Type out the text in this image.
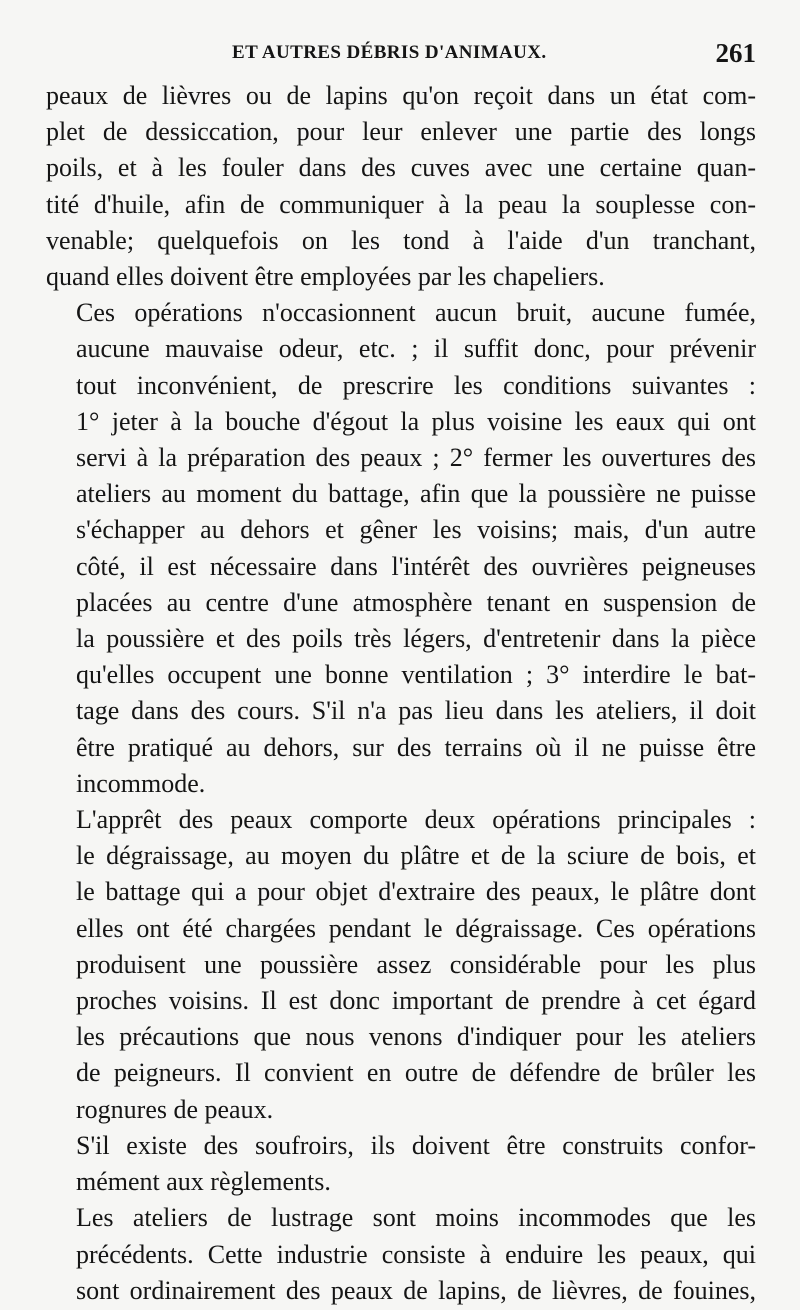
ET AUTRES DÉBRIS D'ANIMAUX.	261

peaux de lièvres ou de lapins qu'on reçoit dans un état com-
plet de dessiccation, pour leur enlever une partie des longs
poils, et à les fouler dans des cuves avec une certaine quan-
tité d'huile, afin de communiquer à la peau la souplesse con-
venable; quelquefois on les tond à l'aide d'un tranchant,
quand elles doivent être employées par les chapeliers.

Ces opérations n'occasionnent aucun bruit, aucune fumée,
aucune mauvaise odeur, etc. ; il suffit donc, pour prévenir
tout inconvénient, de prescrire les conditions suivantes :
1° jeter à la bouche d'égout la plus voisine les eaux qui ont
servi à la préparation des peaux ; 2° fermer les ouvertures des
ateliers au moment du battage, afin que la poussière ne puisse
s'échapper au dehors et gêner les voisins; mais, d'un autre
côté, il est nécessaire dans l'intérêt des ouvrières peigneuses
placées au centre d'une atmosphère tenant en suspension de
la poussière et des poils très légers, d'entretenir dans la pièce
qu'elles occupent une bonne ventilation ; 3° interdire le bat-
tage dans des cours. S'il n'a pas lieu dans les ateliers, il doit
être pratiqué au dehors, sur des terrains où il ne puisse être
incommode.

L'apprêt des peaux comporte deux opérations principales :
le dégraissage, au moyen du plâtre et de la sciure de bois, et
le battage qui a pour objet d'extraire des peaux, le plâtre dont
elles ont été chargées pendant le dégraissage. Ces opérations
produisent une poussière assez considérable pour les plus
proches voisins. Il est donc important de prendre à cet égard
les précautions que nous venons d'indiquer pour les ateliers
de peigneurs. Il convient en outre de défendre de brûler les
rognures de peaux.

S'il existe des soufroirs, ils doivent être construits confor-
mément aux règlements.

Les ateliers de lustrage sont moins incommodes que les
précédents. Cette industrie consiste à enduire les peaux, qui
sont ordinairement des peaux de lapins, de lièvres, de fouines,
